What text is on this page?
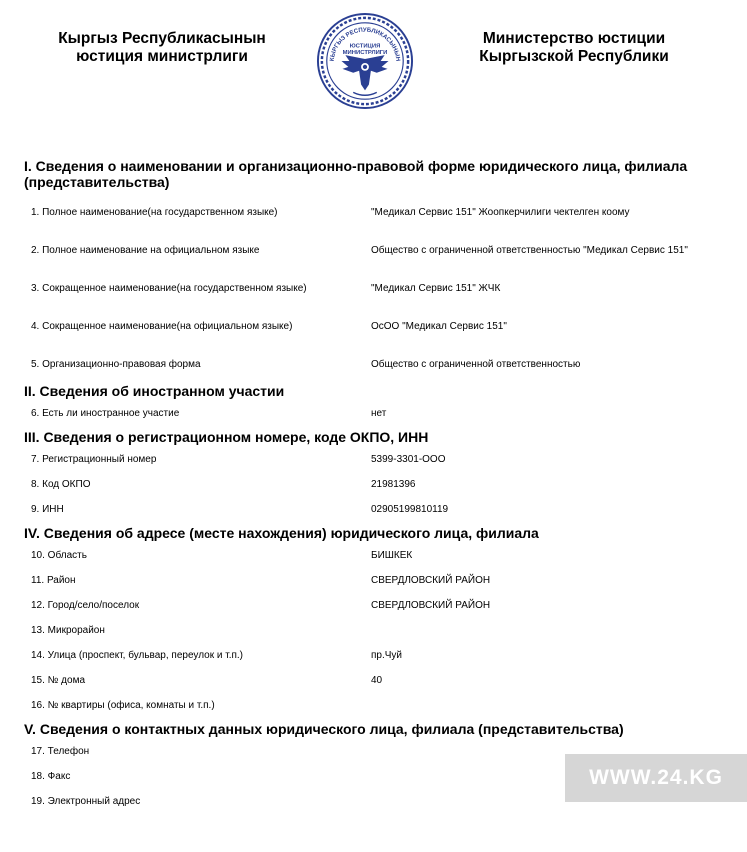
Кыргыз Республикасынын
юстиция министрлиги	КЫРГЫЗ РЕСПУБЛИКАСЫНЫН
ЮСТИЦИЯ
МИНИСТРЛИГИ
Министерство юстиции
Кыргызской Республики
I. Сведения о наименовании и организационно-правовой форме юридического лица, филиала (представительства)
1. Полное наименование(на государственном языке)	"Медикал Сервис 151" Жоопкерчилиги чектелген коому
2. Полное наименование на официальном языке	Общество с ограниченной ответственностью "Медикал Сервис 151"
3. Сокращенное наименование(на государственном языке)	"Медикал Сервис 151" ЖЧК
4. Сокращенное наименование(на официальном языке)	ОсОО "Медикал Сервис 151"
5. Организационно-правовая форма	Общество с ограниченной ответственностью
II. Сведения об иностранном участии
6. Есть ли иностранное участие	нет
III. Сведения о регистрационном номере, коде ОКПО, ИНН
7. Регистрационный номер	5399-3301-ООО
8. Код ОКПО	21981396
9. ИНН	02905199810119
IV. Сведения об адресе (месте нахождения) юридического лица, филиала
10. Область	БИШКЕК
11. Район	СВЕРДЛОВСКИЙ РАЙОН
12. Город/село/поселок	СВЕРДЛОВСКИЙ РАЙОН
13. Микрорайон
14. Улица (проспект, бульвар, переулок и т.п.)	пр.Чуй
15. № дома	40
16. № квартиры (офиса, комнаты и т.п.)
V. Сведения о контактных данных юридического лица, филиала (представительства)
17. Телефон
18. Факс
19. Электронный адрес
WWW.24.KG
